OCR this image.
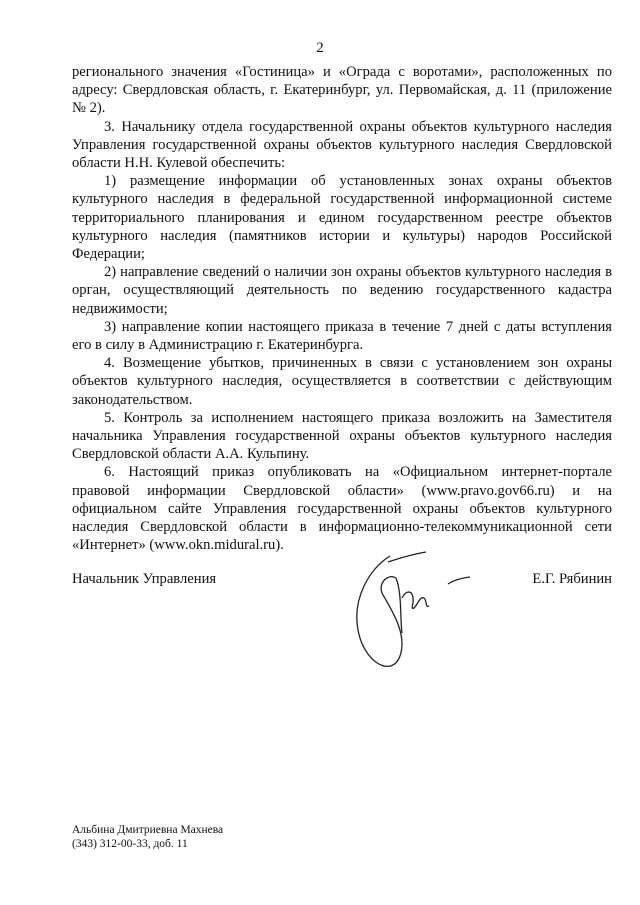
2

регионального значения «Гостиница» и «Ограда с воротами», расположенных по адресу: Свердловская область, г. Екатеринбург, ул. Первомайская, д. 11 (приложение № 2).

3. Начальнику отдела государственной охраны объектов культурного наследия Управления государственной охраны объектов культурного наследия Свердловской области Н.Н. Кулевой обеспечить:

1) размещение информации об установленных зонах охраны объектов культурного наследия в федеральной государственной информационной системе территориального планирования и едином государственном реестре объектов культурного наследия (памятников истории и культуры) народов Российской Федерации;

2) направление сведений о наличии зон охраны объектов культурного наследия в орган, осуществляющий деятельность по ведению государственного кадастра недвижимости;

3) направление копии настоящего приказа в течение 7 дней с даты вступления его в силу в Администрацию г. Екатеринбурга.

4. Возмещение убытков, причиненных в связи с установлением зон охраны объектов культурного наследия, осуществляется в соответствии с действующим законодательством.

5. Контроль за исполнением настоящего приказа возложить на Заместителя начальника Управления государственной охраны объектов культурного наследия Свердловской области А.А. Кульпину.

6. Настоящий приказ опубликовать на «Официальном интернет-портале правовой информации Свердловской области» (www.pravo.gov66.ru) и на официальном сайте Управления государственной охраны объектов культурного наследия Свердловской области в информационно-телекоммуникационной сети «Интернет» (www.okn.midural.ru).

Начальник Управления	Е.Г. Рябинин
Альбина Дмитриевна Махнева
(343) 312-00-33, доб. 11
